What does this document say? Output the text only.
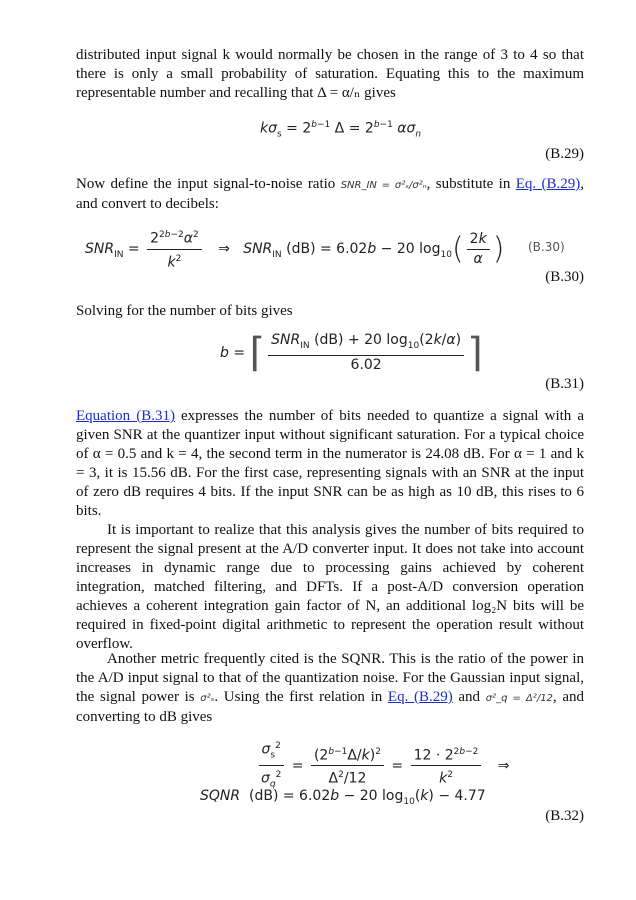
distributed input signal k would normally be chosen in the range of 3 to 4 so that there is only a small probability of saturation. Equating this to the maximum representable number and recalling that Δ = α/ₙ gives

$k\sigma_s = 2^{b-1}$ $\Delta = 2^{b-1}$ $\alpha\sigma_n$
(B.29)

Now define the input signal-to-noise ratio SNR_IN = σ²ₛ/σ²ₙ, substitute in Eq. (B.29), and convert to decibels:

$SNR_{IN} = \frac{2^{2b-2}\alpha^2}{k^2}$ ⇒   $SNR_{IN}$ (dB) = 6.02b − 20 $\log_{10}( \frac{2k}{\alpha}$ ) (B.30)
(B.30)

Solving for the number of bits gives

b = ⌈ $\frac{SNR_{IN} (dB) + 20 \log_{10}(2k/\alpha)}{6.02}$ ⌉
(B.31)

Equation (B.31) expresses the number of bits needed to quantize a signal with a given SNR at the quantizer input without significant saturation. For a typical choice of α = 0.5 and k = 4, the second term in the numerator is 24.08 dB. For α = 1 and k = 3, it is 15.56 dB. For the first case, representing signals with an SNR at the input of zero dB requires 4 bits. If the input SNR can be as high as 10 dB, this rises to 6 bits.

It is important to realize that this analysis gives the number of bits required to represent the signal present at the A/D converter input. It does not take into account increases in dynamic range due to processing gains achieved by coherent integration, matched filtering, and DFTs. If a post-A/D conversion operation achieves a coherent integration gain factor of N, an additional log₂N bits will be required in fixed-point digital arithmetic to represent the operation result without overflow.

Another metric frequently cited is the SQNR. This is the ratio of the power in the A/D input signal to that of the quantization noise. For the Gaussian input signal, the signal power is σ²ₛ. Using the first relation in Eq. (B.29) and σ²_q = Δ²/12, and converting to dB gives

$\frac{\sigma_s^2}{\sigma_q^2} = \frac{(2^{b-1}\Delta/k)^2}{\Delta^2/12} = \frac{12 \cdot 2^{2b-2}}{k^2}$ ⇒
SQNR  (dB) = 6.02b − 20 $\log_{10}(k) - 4.77$
(B.32)
